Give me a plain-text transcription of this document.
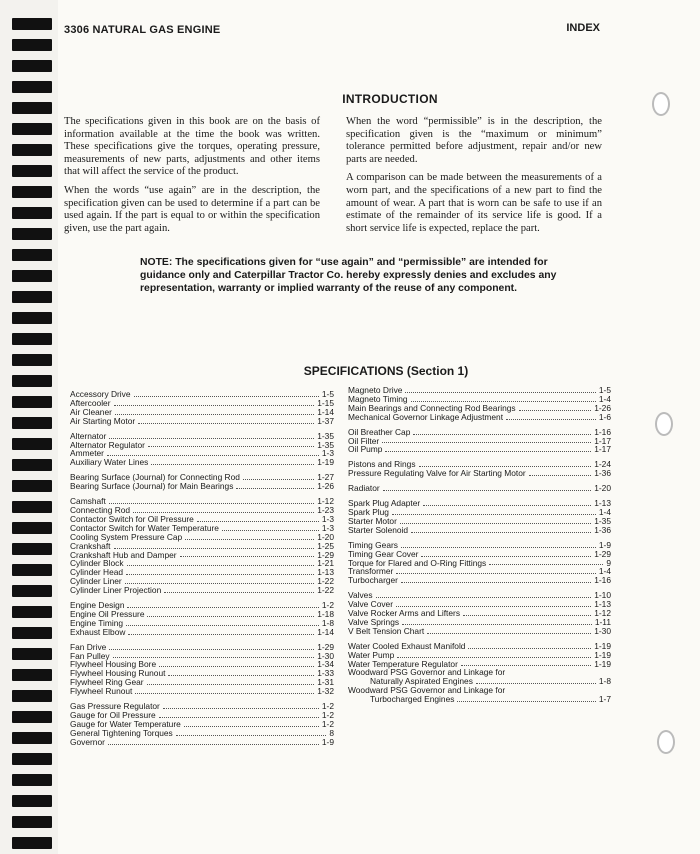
3306 NATURAL GAS ENGINE	INDEX
INTRODUCTION

The specifications given in this book are on the basis of information available at the time the book was written. These specifications give the torques, operating pressure, measurements of new parts, adjustments and other items that will affect the service of the product.

When the words “use again” are in the description, the specification given can be used to determine if a part can be used again. If the part is equal to or within the specification given, use the part again.

When the word “permissible” is in the description, the specification given is the “maximum or minimum” tolerance permitted before adjustment, repair and/or new parts are needed.

A comparison can be made between the measurements of a worn part, and the specifications of a new part to find the amount of wear. A part that is worn can be safe to use if an estimate of the remainder of its service life is good. If a short service life is expected, replace the part.

NOTE: The specifications given for “use again” and “permissible” are intended for guidance only and Caterpillar Tractor Co. hereby expressly denies and excludes any representation, warranty or implied warranty of the reuse of any component.
SPECIFICATIONS (Section 1)
Accessory Drive	1-5
Aftercooler	1-15
Air Cleaner	1-14
Air Starting Motor	1-37
Alternator	1-35
Alternator Regulator	1-35
Ammeter	1-3
Auxiliary Water Lines	1-19
Bearing Surface (Journal) for Connecting Rod	1-27
Bearing Surface (Journal) for Main Bearings	1-26
Camshaft	1-12
Connecting Rod	1-23
Contactor Switch for Oil Pressure	1-3
Contactor Switch for Water Temperature	1-3
Cooling System Pressure Cap	1-20
Crankshaft	1-25
Crankshaft Hub and Damper	1-29
Cylinder Block	1-21
Cylinder Head	1-13
Cylinder Liner	1-22
Cylinder Liner Projection	1-22
Engine Design	1-2
Engine Oil Pressure	1-18
Engine Timing	1-8
Exhaust Elbow	1-14
Fan Drive	1-29
Fan Pulley	1-30
Flywheel Housing Bore	1-34
Flywheel Housing Runout	1-33
Flywheel Ring Gear	1-31
Flywheel Runout	1-32
Gas Pressure Regulator	1-2
Gauge for Oil Pressure	1-2
Gauge for Water Temperature	1-2
General Tightening Torques	8
Governor	1-9
Magneto Drive	1-5
Magneto Timing	1-4
Main Bearings and Connecting Rod Bearings	1-26
Mechanical Governor Linkage Adjustment	1-6
Oil Breather Cap	1-16
Oil Filter	1-17
Oil Pump	1-17
Pistons and Rings	1-24
Pressure Regulating Valve for Air Starting Motor	1-36
Radiator	1-20
Spark Plug Adapter	1-13
Spark Plug	1-4
Starter Motor	1-35
Starter Solenoid	1-36
Timing Gears	1-9
Timing Gear Cover	1-29
Torque for Flared and O-Ring Fittings	9
Transformer	1-4
Turbocharger	1-16
Valves	1-10
Valve Cover	1-13
Valve Rocker Arms and Lifters	1-12
Valve Springs	1-11
V Belt Tension Chart	1-30
Water Cooled Exhaust Manifold	1-19
Water Pump	1-19
Water Temperature Regulator	1-19
Woodward PSG Governor and Linkage for
Naturally Aspirated Engines	1-8
Woodward PSG Governor and Linkage for
Turbocharged Engines	1-7
